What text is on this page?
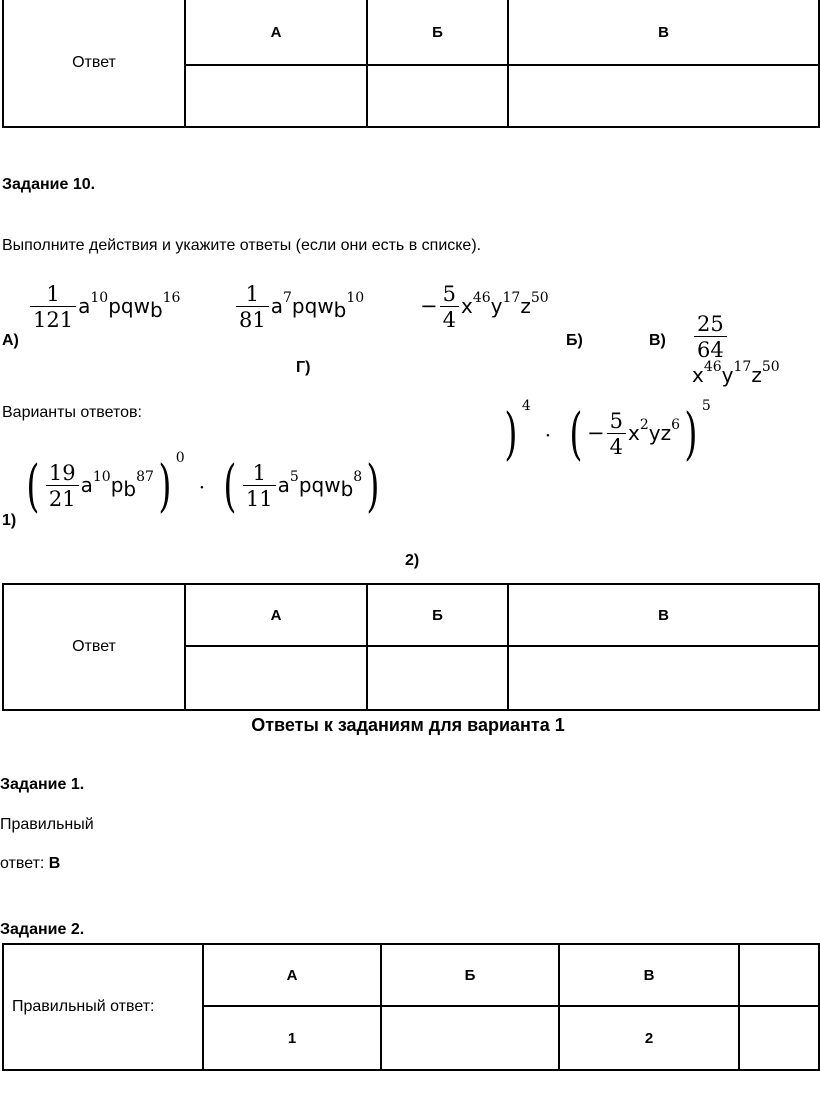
Ответ	А	Б	В

Задание 10.
Выполните действия и укажите ответы (если они есть в списке).
$\frac{1}{121}$ $a^{10}pqwb^{16}$	$\frac{1}{81}$ $a^7pqwb^{10}$	− $\frac{5}{4} x^{46}y^{17}z^{50}$
$\frac{25}{64}$
$x^{46}y^{17}z^{50}$
А)	Б)	В)
Г)
Варианты ответов:	) $^4$· ( − $\frac{5}{4} x^2yz^6$) $^5$
( $\frac{19}{21} a^{10}pb^{87}$) $^0$· ( $\frac{1}{11}$ $a^5pqwb^8$)
1)
2)
Ответ	А	Б	В

Ответы к заданиям для варианта 1
Задание 1.
Правильный
ответ: В
Задание 2.
Правильный ответ:	А	Б	В	
	1		2	
